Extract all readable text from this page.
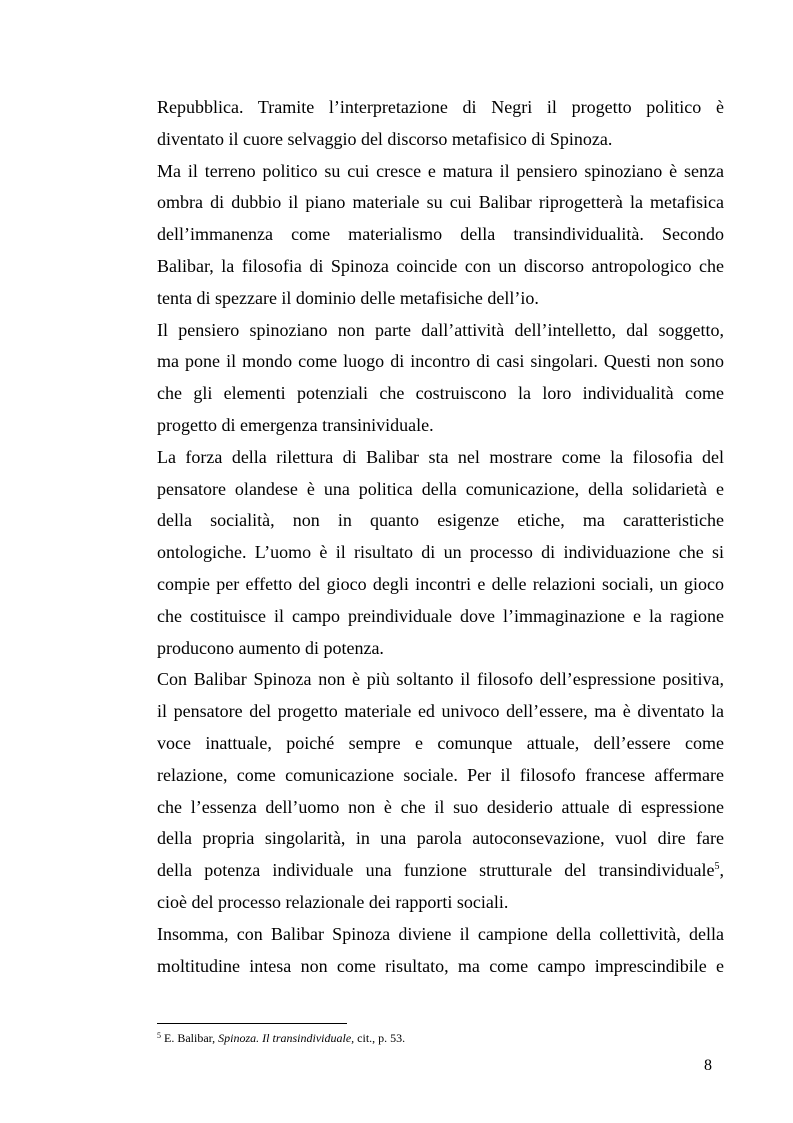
Repubblica. Tramite l’interpretazione di Negri il progetto politico è
diventato il cuore selvaggio del discorso metafisico di Spinoza.
Ma il terreno politico su cui cresce e matura il pensiero spinoziano è senza
ombra di dubbio il piano materiale su cui Balibar riprogetterà la metafisica
dell’immanenza come materialismo della transindividualità. Secondo
Balibar, la filosofia di Spinoza coincide con un discorso antropologico che
tenta di spezzare il dominio delle metafisiche dell’io.
Il pensiero spinoziano non parte dall’attività dell’intelletto, dal soggetto,
ma pone il mondo come luogo di incontro di casi singolari. Questi non sono
che gli elementi potenziali che costruiscono la loro individualità come
progetto di emergenza transinividuale.
La forza della rilettura di Balibar sta nel mostrare come la filosofia del
pensatore olandese è una politica della comunicazione, della solidarietà e
della socialità, non in quanto esigenze etiche, ma caratteristiche
ontologiche. L’uomo è il risultato di un processo di individuazione che si
compie per effetto del gioco degli incontri e delle relazioni sociali, un gioco
che costituisce il campo preindividuale dove l’immaginazione e la ragione
producono aumento di potenza.
Con Balibar Spinoza non è più soltanto il filosofo dell’espressione positiva,
il pensatore del progetto materiale ed univoco dell’essere, ma è diventato la
voce inattuale, poiché sempre e comunque attuale, dell’essere come
relazione, come comunicazione sociale. Per il filosofo francese affermare
che l’essenza dell’uomo non è che il suo desiderio attuale di espressione
della propria singolarità, in una parola autoconsevazione, vuol dire fare
della potenza individuale una funzione strutturale del transindividuale$^5$,
cioè del processo relazionale dei rapporti sociali.
Insomma, con Balibar Spinoza diviene il campione della collettività, della
moltitudine intesa non come risultato, ma come campo imprescindibile e
$^5$ E. Balibar, Spinoza. Il transindividuale, cit., p. 53.
8
